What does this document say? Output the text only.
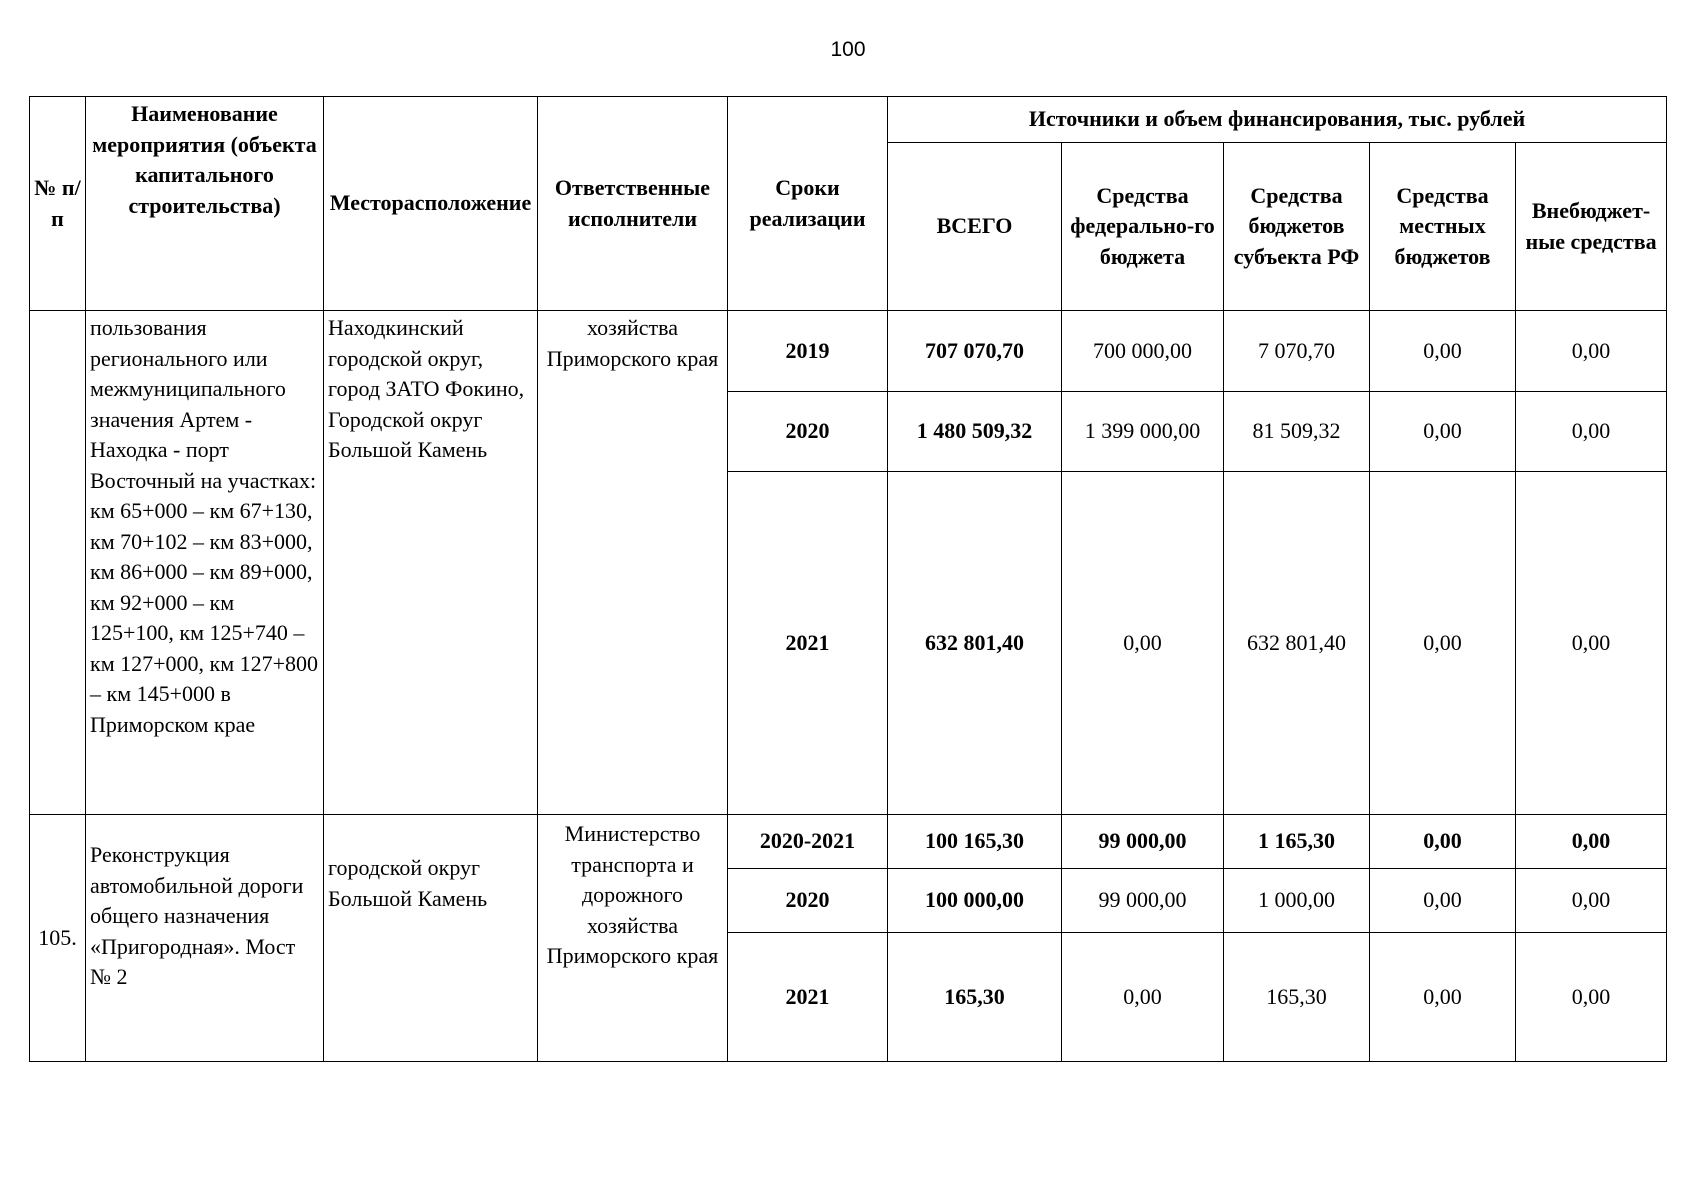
100
№ п/п	Наименование мероприятия (объекта капитального строительства)	Месторасположение	Ответственные исполнители	Сроки реализации	Источники и объем финансирования, тыс. рублей				
					ВСЕГО	Средства федерально-го бюджета	Средства бюджетов субъекта РФ	Средства местных бюджетов	Внебюджет-ные средства
	пользования регионального или межмуниципального значения Артем - Находка - порт Восточный на участках: км 65+000 – км 67+130, км 70+102 – км 83+000, км 86+000 – км 89+000, км 92+000 – км 125+100, км 125+740 – км 127+000, км 127+800 – км 145+000 в Приморском крае	Находкинский городской округ, город ЗАТО Фокино, Городской округ Большой Камень	хозяйства Приморского края	2019	707 070,70	700 000,00	7 070,70	0,00	0,00
				2020	1 480 509,32	1 399 000,00	81 509,32	0,00	0,00
				2021	632 801,40	0,00	632 801,40	0,00	0,00
105.	Реконструкция автомобильной дороги общего назначения «Пригородная». Мост № 2	городской округ Большой Камень	Министерство транспорта и дорожного хозяйства Приморского края	2020-2021	100 165,30	99 000,00	1 165,30	0,00	0,00
				2020	100 000,00	99 000,00	1 000,00	0,00	0,00
				2021	165,30	0,00	165,30	0,00	0,00
